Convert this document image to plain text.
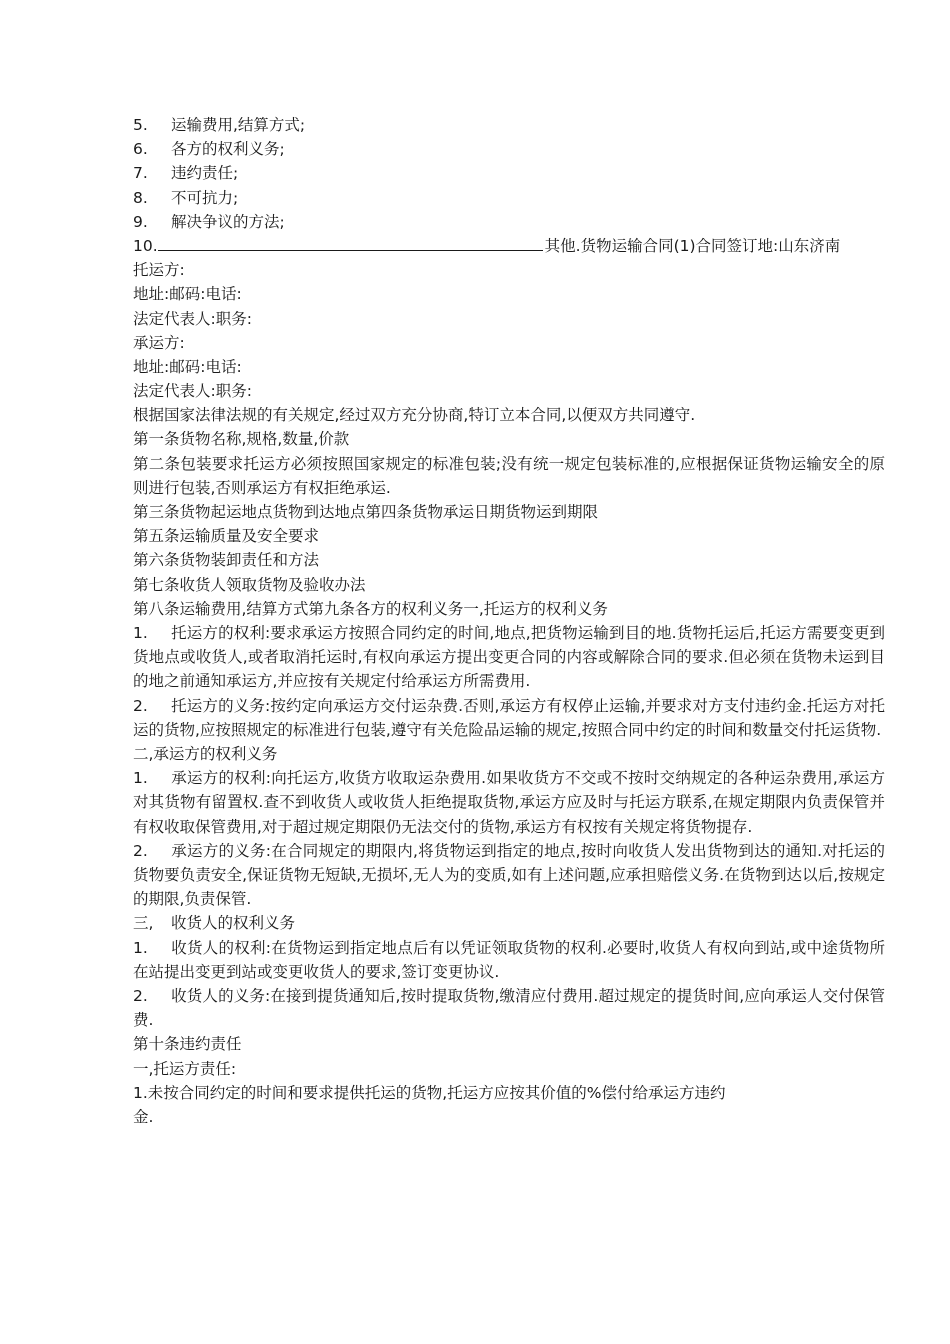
5. 运输费用,结算方式;
6. 各方的权利义务;
7. 违约责任;
8. 不可抗力;
9. 解决争议的方法;
10.	其他.货物运输合同(1)合同签订地:山东济南
托运方:
地址:邮码:电话:
法定代表人:职务:
承运方:
地址:邮码:电话:
法定代表人:职务:
根据国家法律法规的有关规定,经过双方充分协商,特订立本合同,以便双方共同遵守.
第一条货物名称,规格,数量,价款
第二条包装要求托运方必须按照国家规定的标准包装;没有统一规定包装标准的,应根据保证货物运输安全的原则进行包装,否则承运方有权拒绝承运.
第三条货物起运地点货物到达地点第四条货物承运日期货物运到期限
第五条运输质量及安全要求
第六条货物装卸责任和方法
第七条收货人领取货物及验收办法
第八条运输费用,结算方式第九条各方的权利义务一,托运方的权利义务
1. 托运方的权利:要求承运方按照合同约定的时间,地点,把货物运输到目的地.货物托运后,托运方需要变更到货地点或收货人,或者取消托运时,有权向承运方提出变更合同的内容或解除合同的要求.但必须在货物未运到目的地之前通知承运方,并应按有关规定付给承运方所需费用.
2. 托运方的义务:按约定向承运方交付运杂费.否则,承运方有权停止运输,并要求对方支付违约金.托运方对托运的货物,应按照规定的标准进行包装,遵守有关危险品运输的规定,按照合同中约定的时间和数量交付托运货物.
二,承运方的权利义务
1. 承运方的权利:向托运方,收货方收取运杂费用.如果收货方不交或不按时交纳规定的各种运杂费用,承运方对其货物有留置权.查不到收货人或收货人拒绝提取货物,承运方应及时与托运方联系,在规定期限内负责保管并有权收取保管费用,对于超过规定期限仍无法交付的货物,承运方有权按有关规定将货物提存.
2. 承运方的义务:在合同规定的期限内,将货物运到指定的地点,按时向收货人发出货物到达的通知.对托运的货物要负责安全,保证货物无短缺,无损坏,无人为的变质,如有上述问题,应承担赔偿义务.在货物到达以后,按规定的期限,负责保管.
三, 收货人的权利义务
1. 收货人的权利:在货物运到指定地点后有以凭证领取货物的权利.必要时,收货人有权向到站,或中途货物所在站提出变更到站或变更收货人的要求,签订变更协议.
2. 收货人的义务:在接到提货通知后,按时提取货物,缴清应付费用.超过规定的提货时间,应向承运人交付保管费.
第十条违约责任
一,托运方责任:
1.未按合同约定的时间和要求提供托运的货物,托运方应按其价值的%偿付给承运方违约
金.
